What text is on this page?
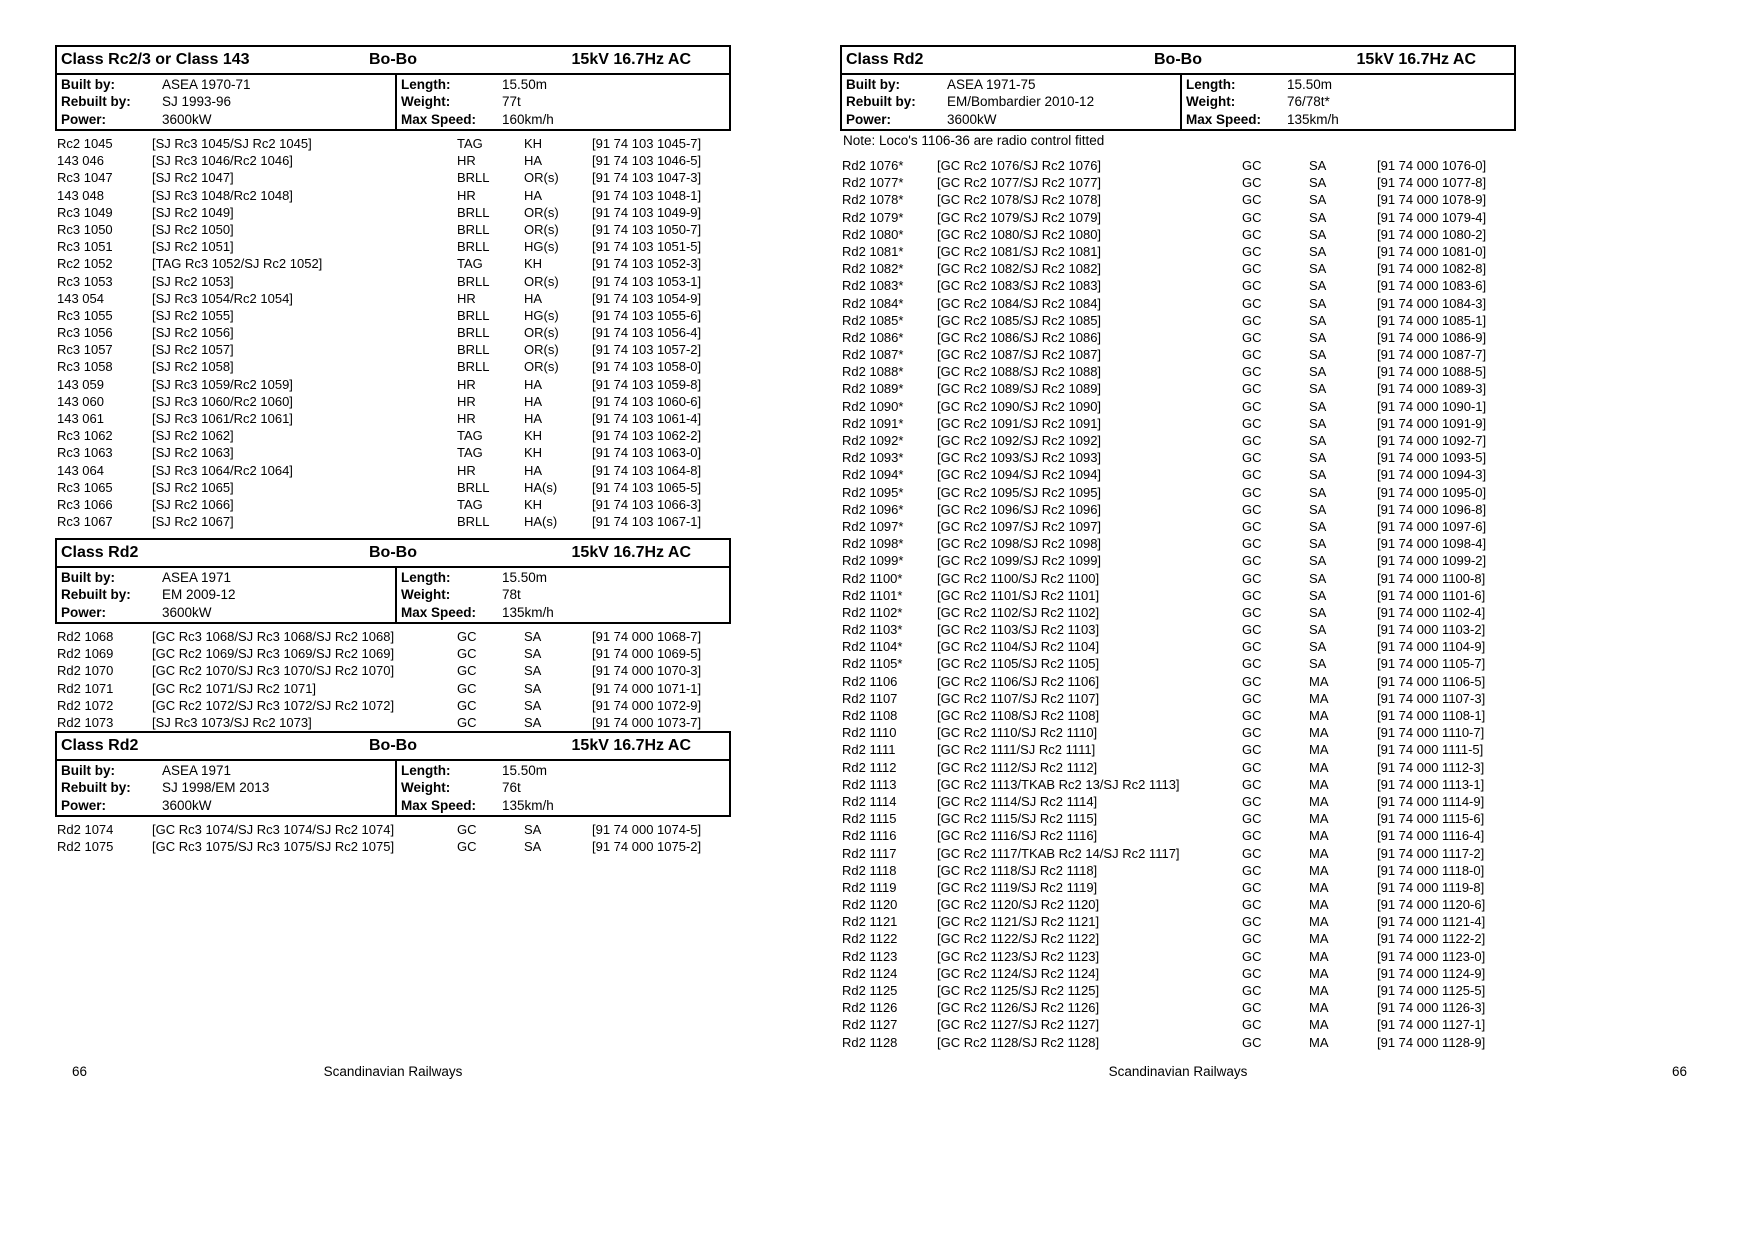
Class Rc2/3 or Class 143	Bo-Bo	15kV 16.7Hz AC
Built by:	ASEA 1970-71
Rebuilt by: SJ 1993-96
Power:	3600kW
Length:	15.50m
Weight:	77t
Max Speed: 160km/h
Rc2 1045	[SJ Rc3 1045/SJ Rc2 1045]	TAG	KH	[91 74 103 1045-7]
143 046	[SJ Rc3 1046/Rc2 1046]	HR	HA	[91 74 103 1046-5]
Rc3 1047	[SJ Rc2 1047]	BRLL	OR(s)	[91 74 103 1047-3]
143 048	[SJ Rc3 1048/Rc2 1048]	HR	HA	[91 74 103 1048-1]
Rc3 1049	[SJ Rc2 1049]	BRLL	OR(s)	[91 74 103 1049-9]
Rc3 1050	[SJ Rc2 1050]	BRLL	OR(s)	[91 74 103 1050-7]
Rc3 1051	[SJ Rc2 1051]	BRLL	HG(s)	[91 74 103 1051-5]
Rc2 1052	[TAG Rc3 1052/SJ Rc2 1052]	TAG	KH	[91 74 103 1052-3]
Rc3 1053	[SJ Rc2 1053]	BRLL	OR(s)	[91 74 103 1053-1]
143 054	[SJ Rc3 1054/Rc2 1054]	HR	HA	[91 74 103 1054-9]
Rc3 1055	[SJ Rc2 1055]	BRLL	HG(s)	[91 74 103 1055-6]
Rc3 1056	[SJ Rc2 1056]	BRLL	OR(s)	[91 74 103 1056-4]
Rc3 1057	[SJ Rc2 1057]	BRLL	OR(s)	[91 74 103 1057-2]
Rc3 1058	[SJ Rc2 1058]	BRLL	OR(s)	[91 74 103 1058-0]
143 059	[SJ Rc3 1059/Rc2 1059]	HR	HA	[91 74 103 1059-8]
143 060	[SJ Rc3 1060/Rc2 1060]	HR	HA	[91 74 103 1060-6]
143 061	[SJ Rc3 1061/Rc2 1061]	HR	HA	[91 74 103 1061-4]
Rc3 1062	[SJ Rc2 1062]	TAG	KH	[91 74 103 1062-2]
Rc3 1063	[SJ Rc2 1063]	TAG	KH	[91 74 103 1063-0]
143 064	[SJ Rc3 1064/Rc2 1064]	HR	HA	[91 74 103 1064-8]
Rc3 1065	[SJ Rc2 1065]	BRLL	HA(s)	[91 74 103 1065-5]
Rc3 1066	[SJ Rc2 1066]	TAG	KH	[91 74 103 1066-3]
Rc3 1067	[SJ Rc2 1067]	BRLL	HA(s)	[91 74 103 1067-1]
Class Rd2	Bo-Bo	15kV 16.7Hz AC
Built by:	ASEA 1971
Rebuilt by: EM 2009-12
Power:	3600kW
Length:	15.50m
Weight:	78t
Max Speed: 135km/h
Rd2 1068	[GC Rc3 1068/SJ Rc3 1068/SJ Rc2 1068]	GC	SA	[91 74 000 1068-7]
Rd2 1069	[GC Rc2 1069/SJ Rc3 1069/SJ Rc2 1069]	GC	SA	[91 74 000 1069-5]
Rd2 1070	[GC Rc2 1070/SJ Rc3 1070/SJ Rc2 1070]	GC	SA	[91 74 000 1070-3]
Rd2 1071	[GC Rc2 1071/SJ Rc2 1071]	GC	SA	[91 74 000 1071-1]
Rd2 1072	[GC Rc2 1072/SJ Rc3 1072/SJ Rc2 1072]	GC	SA	[91 74 000 1072-9]
Rd2 1073	[SJ Rc3 1073/SJ Rc2 1073]	GC	SA	[91 74 000 1073-7]
Class Rd2	Bo-Bo	15kV 16.7Hz AC
Built by:	ASEA 1971
Rebuilt by: SJ 1998/EM 2013
Power:	3600kW
Length:	15.50m
Weight:	76t
Max Speed: 135km/h
Rd2 1074	[GC Rc3 1074/SJ Rc3 1074/SJ Rc2 1074]	GC	SA	[91 74 000 1074-5]
Rd2 1075	[GC Rc3 1075/SJ Rc3 1075/SJ Rc2 1075]	GC	SA	[91 74 000 1075-2]
Class Rd2	Bo-Bo	15kV 16.7Hz AC
Built by:	ASEA 1971-75
Rebuilt by: EM/Bombardier 2010-12
Power:	3600kW
Length:	15.50m
Weight:	76/78t*
Max Speed: 135km/h
Note: Loco's 1106-36 are radio control fitted
Rd2 1076*	[GC Rc2 1076/SJ Rc2 1076]	GC	SA	[91 74 000 1076-0]
Rd2 1077*	[GC Rc2 1077/SJ Rc2 1077]	GC	SA	[91 74 000 1077-8]
Rd2 1078*	[GC Rc2 1078/SJ Rc2 1078]	GC	SA	[91 74 000 1078-9]
Rd2 1079*	[GC Rc2 1079/SJ Rc2 1079]	GC	SA	[91 74 000 1079-4]
Rd2 1080*	[GC Rc2 1080/SJ Rc2 1080]	GC	SA	[91 74 000 1080-2]
Rd2 1081*	[GC Rc2 1081/SJ Rc2 1081]	GC	SA	[91 74 000 1081-0]
Rd2 1082*	[GC Rc2 1082/SJ Rc2 1082]	GC	SA	[91 74 000 1082-8]
Rd2 1083*	[GC Rc2 1083/SJ Rc2 1083]	GC	SA	[91 74 000 1083-6]
Rd2 1084*	[GC Rc2 1084/SJ Rc2 1084]	GC	SA	[91 74 000 1084-3]
Rd2 1085*	[GC Rc2 1085/SJ Rc2 1085]	GC	SA	[91 74 000 1085-1]
Rd2 1086*	[GC Rc2 1086/SJ Rc2 1086]	GC	SA	[91 74 000 1086-9]
Rd2 1087*	[GC Rc2 1087/SJ Rc2 1087]	GC	SA	[91 74 000 1087-7]
Rd2 1088*	[GC Rc2 1088/SJ Rc2 1088]	GC	SA	[91 74 000 1088-5]
Rd2 1089*	[GC Rc2 1089/SJ Rc2 1089]	GC	SA	[91 74 000 1089-3]
Rd2 1090*	[GC Rc2 1090/SJ Rc2 1090]	GC	SA	[91 74 000 1090-1]
Rd2 1091*	[GC Rc2 1091/SJ Rc2 1091]	GC	SA	[91 74 000 1091-9]
Rd2 1092*	[GC Rc2 1092/SJ Rc2 1092]	GC	SA	[91 74 000 1092-7]
Rd2 1093*	[GC Rc2 1093/SJ Rc2 1093]	GC	SA	[91 74 000 1093-5]
Rd2 1094*	[GC Rc2 1094/SJ Rc2 1094]	GC	SA	[91 74 000 1094-3]
Rd2 1095*	[GC Rc2 1095/SJ Rc2 1095]	GC	SA	[91 74 000 1095-0]
Rd2 1096*	[GC Rc2 1096/SJ Rc2 1096]	GC	SA	[91 74 000 1096-8]
Rd2 1097*	[GC Rc2 1097/SJ Rc2 1097]	GC	SA	[91 74 000 1097-6]
Rd2 1098*	[GC Rc2 1098/SJ Rc2 1098]	GC	SA	[91 74 000 1098-4]
Rd2 1099*	[GC Rc2 1099/SJ Rc2 1099]	GC	SA	[91 74 000 1099-2]
Rd2 1100*	[GC Rc2 1100/SJ Rc2 1100]	GC	SA	[91 74 000 1100-8]
Rd2 1101*	[GC Rc2 1101/SJ Rc2 1101]	GC	SA	[91 74 000 1101-6]
Rd2 1102*	[GC Rc2 1102/SJ Rc2 1102]	GC	SA	[91 74 000 1102-4]
Rd2 1103*	[GC Rc2 1103/SJ Rc2 1103]	GC	SA	[91 74 000 1103-2]
Rd2 1104*	[GC Rc2 1104/SJ Rc2 1104]	GC	SA	[91 74 000 1104-9]
Rd2 1105*	[GC Rc2 1105/SJ Rc2 1105]	GC	SA	[91 74 000 1105-7]
Rd2 1106	[GC Rc2 1106/SJ Rc2 1106]	GC	MA	[91 74 000 1106-5]
Rd2 1107	[GC Rc2 1107/SJ Rc2 1107]	GC	MA	[91 74 000 1107-3]
Rd2 1108	[GC Rc2 1108/SJ Rc2 1108]	GC	MA	[91 74 000 1108-1]
Rd2 1110	[GC Rc2 1110/SJ Rc2 1110]	GC	MA	[91 74 000 1110-7]
Rd2 1111	[GC Rc2 1111/SJ Rc2 1111]	GC	MA	[91 74 000 1111-5]
Rd2 1112	[GC Rc2 1112/SJ Rc2 1112]	GC	MA	[91 74 000 1112-3]
Rd2 1113	[GC Rc2 1113/TKAB Rc2 13/SJ Rc2 1113]	GC	MA	[91 74 000 1113-1]
Rd2 1114	[GC Rc2 1114/SJ Rc2 1114]	GC	MA	[91 74 000 1114-9]
Rd2 1115	[GC Rc2 1115/SJ Rc2 1115]	GC	MA	[91 74 000 1115-6]
Rd2 1116	[GC Rc2 1116/SJ Rc2 1116]	GC	MA	[91 74 000 1116-4]
Rd2 1117	[GC Rc2 1117/TKAB Rc2 14/SJ Rc2 1117]	GC	MA	[91 74 000 1117-2]
Rd2 1118	[GC Rc2 1118/SJ Rc2 1118]	GC	MA	[91 74 000 1118-0]
Rd2 1119	[GC Rc2 1119/SJ Rc2 1119]	GC	MA	[91 74 000 1119-8]
Rd2 1120	[GC Rc2 1120/SJ Rc2 1120]	GC	MA	[91 74 000 1120-6]
Rd2 1121	[GC Rc2 1121/SJ Rc2 1121]	GC	MA	[91 74 000 1121-4]
Rd2 1122	[GC Rc2 1122/SJ Rc2 1122]	GC	MA	[91 74 000 1122-2]
Rd2 1123	[GC Rc2 1123/SJ Rc2 1123]	GC	MA	[91 74 000 1123-0]
Rd2 1124	[GC Rc2 1124/SJ Rc2 1124]	GC	MA	[91 74 000 1124-9]
Rd2 1125	[GC Rc2 1125/SJ Rc2 1125]	GC	MA	[91 74 000 1125-5]
Rd2 1126	[GC Rc2 1126/SJ Rc2 1126]	GC	MA	[91 74 000 1126-3]
Rd2 1127	[GC Rc2 1127/SJ Rc2 1127]	GC	MA	[91 74 000 1127-1]
Rd2 1128	[GC Rc2 1128/SJ Rc2 1128]	GC	MA	[91 74 000 1128-9]
66	Scandinavian Railways	Scandinavian Railways	66
